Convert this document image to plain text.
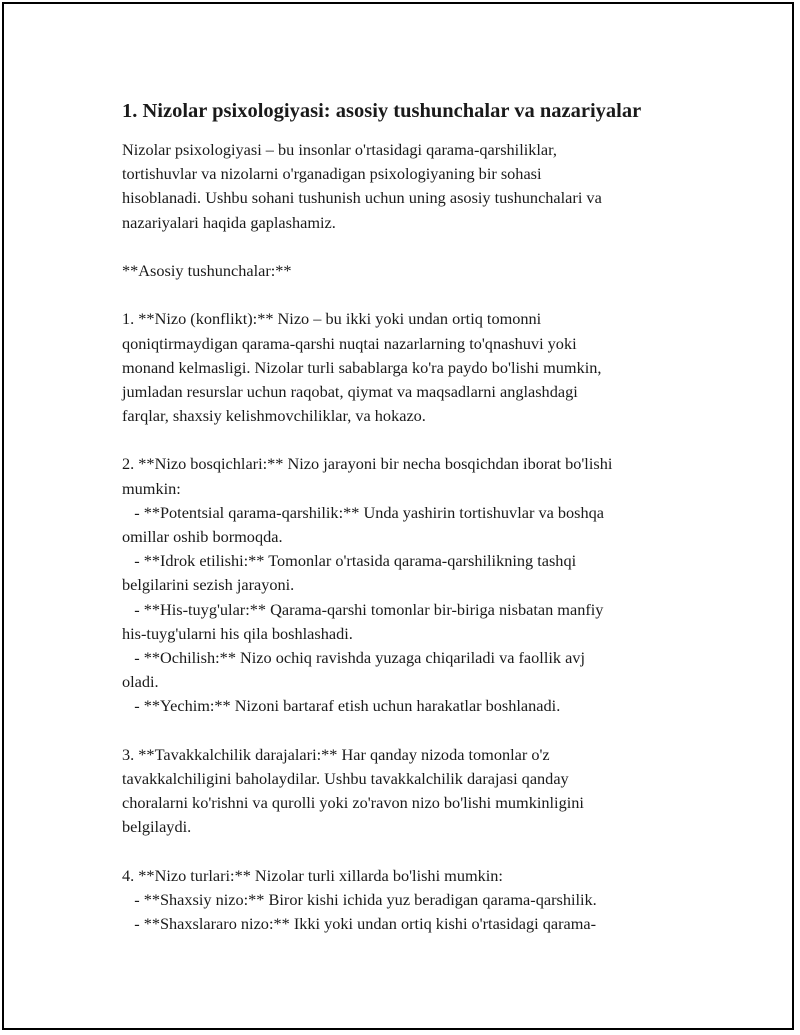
1. Nizolar psixologiyasi: asosiy tushunchalar va nazariyalar
Nizolar psixologiyasi – bu insonlar o'rtasidagi qarama-qarshiliklar,
tortishuvlar va nizolarni o'rganadigan psixologiyaning bir sohasi
hisoblanadi. Ushbu sohani tushunish uchun uning asosiy tushunchalari va
nazariyalari haqida gaplashamiz.
**Asosiy tushunchalar:**
1. **Nizo (konflikt):** Nizo – bu ikki yoki undan ortiq tomonni
qoniqtirmaydigan qarama-qarshi nuqtai nazarlarning to'qnashuvi yoki
monand kelmasligi. Nizolar turli sabablarga ko'ra paydo bo'lishi mumkin,
jumladan resurslar uchun raqobat, qiymat va maqsadlarni anglashdagi
farqlar, shaxsiy kelishmovchiliklar, va hokazo.
2. **Nizo bosqichlari:** Nizo jarayoni bir necha bosqichdan iborat bo'lishi
mumkin:
- **Potentsial qarama-qarshilik:** Unda yashirin tortishuvlar va boshqa
omillar oshib bormoqda.
- **Idrok etilishi:** Tomonlar o'rtasida qarama-qarshilikning tashqi
belgilarini sezish jarayoni.
- **His-tuyg'ular:** Qarama-qarshi tomonlar bir-biriga nisbatan manfiy
his-tuyg'ularni his qila boshlashadi.
- **Ochilish:** Nizo ochiq ravishda yuzaga chiqariladi va faollik avj
oladi.
- **Yechim:** Nizoni bartaraf etish uchun harakatlar boshlanadi.
3. **Tavakkalchilik darajalari:** Har qanday nizoda tomonlar o'z
tavakkalchiligini baholaydilar. Ushbu tavakkalchilik darajasi qanday
choralarni ko'rishni va qurolli yoki zo'ravon nizo bo'lishi mumkinligini
belgilaydi.
4. **Nizo turlari:** Nizolar turli xillarda bo'lishi mumkin:
- **Shaxsiy nizo:** Biror kishi ichida yuz beradigan qarama-qarshilik.
- **Shaxslararo nizo:** Ikki yoki undan ortiq kishi o'rtasidagi qarama-
